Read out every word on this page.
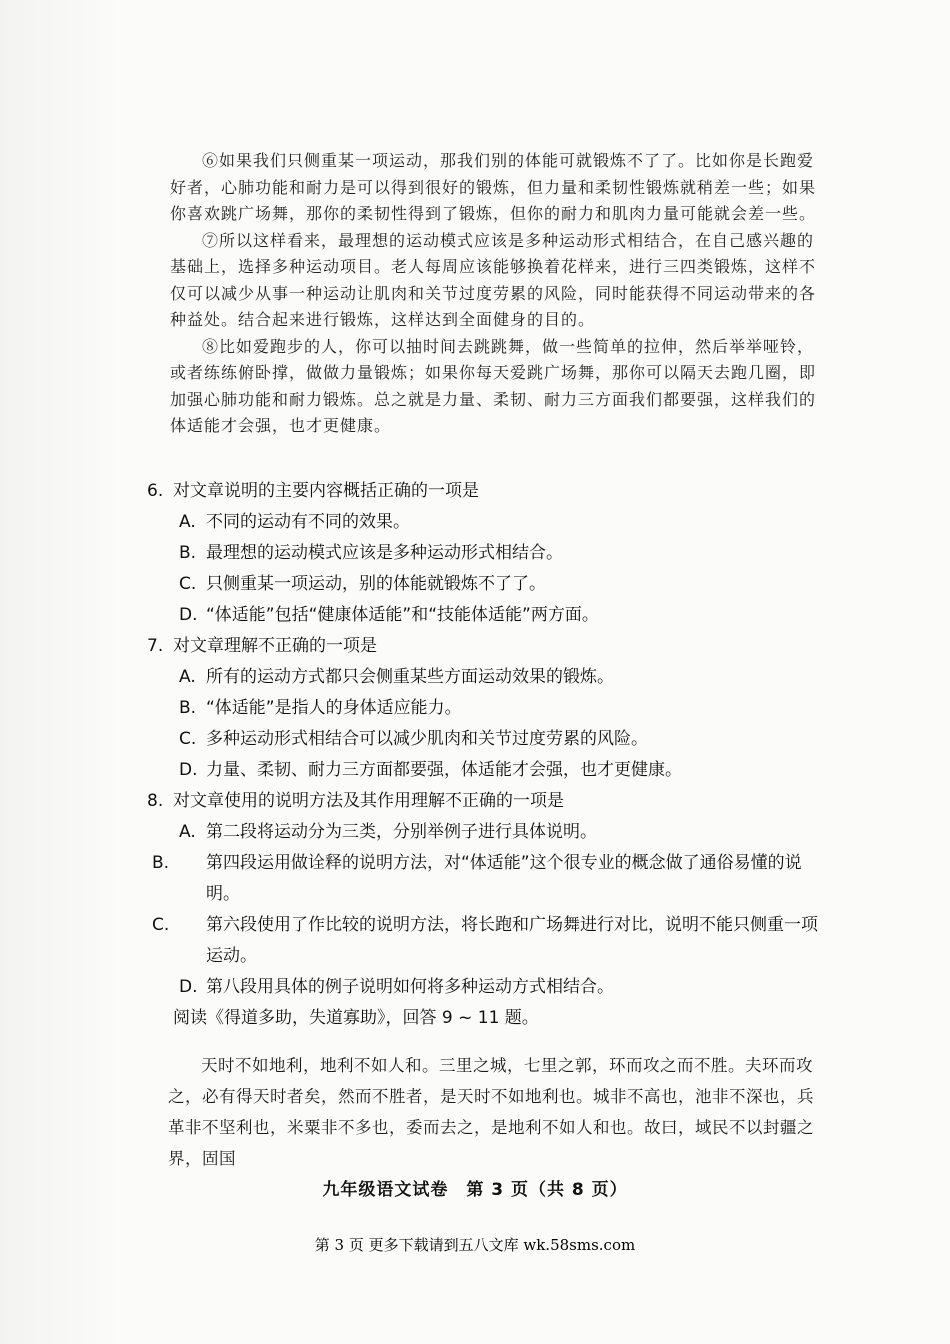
⑥如果我们只侧重某一项运动，那我们别的体能可就锻炼不了了。比如你是长跑爱好者，心肺功能和耐力是可以得到很好的锻炼，但力量和柔韧性锻炼就稍差一些；如果你喜欢跳广场舞，那你的柔韧性得到了锻炼，但你的耐力和肌肉力量可能就会差一些。

⑦所以这样看来，最理想的运动模式应该是多种运动形式相结合，在自己感兴趣的基础上，选择多种运动项目。老人每周应该能够换着花样来，进行三四类锻炼，这样不仅可以减少从事一种运动让肌肉和关节过度劳累的风险，同时能获得不同运动带来的各种益处。结合起来进行锻炼，这样达到全面健身的目的。

⑧比如爱跑步的人，你可以抽时间去跳跳舞，做一些简单的拉伸，然后举举哑铃，或者练练俯卧撑，做做力量锻炼；如果你每天爱跳广场舞，那你可以隔天去跑几圈，即加强心肺功能和耐力锻炼。总之就是力量、柔韧、耐力三方面我们都要强，这样我们的体适能才会强，也才更健康。

6. 对文章说明的主要内容概括正确的一项是

A. 不同的运动有不同的效果。

B. 最理想的运动模式应该是多种运动形式相结合。

C. 只侧重某一项运动，别的体能就锻炼不了了。

D. “体适能”包括“健康体适能”和“技能体适能”两方面。

7. 对文章理解不正确的一项是

A. 所有的运动方式都只会侧重某些方面运动效果的锻炼。

B. “体适能”是指人的身体适应能力。

C. 多种运动形式相结合可以减少肌肉和关节过度劳累的风险。

D. 力量、柔韧、耐力三方面都要强，体适能才会强，也才更健康。

8. 对文章使用的说明方法及其作用理解不正确的一项是

A. 第二段将运动分为三类，分别举例子进行具体说明。

B. 第四段运用做诠释的说明方法，对“体适能”这个很专业的概念做了通俗易懂的说明。

C. 第六段使用了作比较的说明方法，将长跑和广场舞进行对比，说明不能只侧重一项运动。

D. 第八段用具体的例子说明如何将多种运动方式相结合。

阅读《得道多助，失道寡助》，回答 9 ~ 11 题。

天时不如地利，地利不如人和。三里之城，七里之郭，环而攻之而不胜。夫环而攻之，必有得天时者矣，然而不胜者，是天时不如地利也。城非不高也，池非不深也，兵革非不坚利也，米粟非不多也，委而去之，是地利不如人和也。故曰，域民不以封疆之界，固国

九年级语文试卷　第 3 页（共 8 页）
第 3 页 更多下载请到五八文库 wk.58sms.com
